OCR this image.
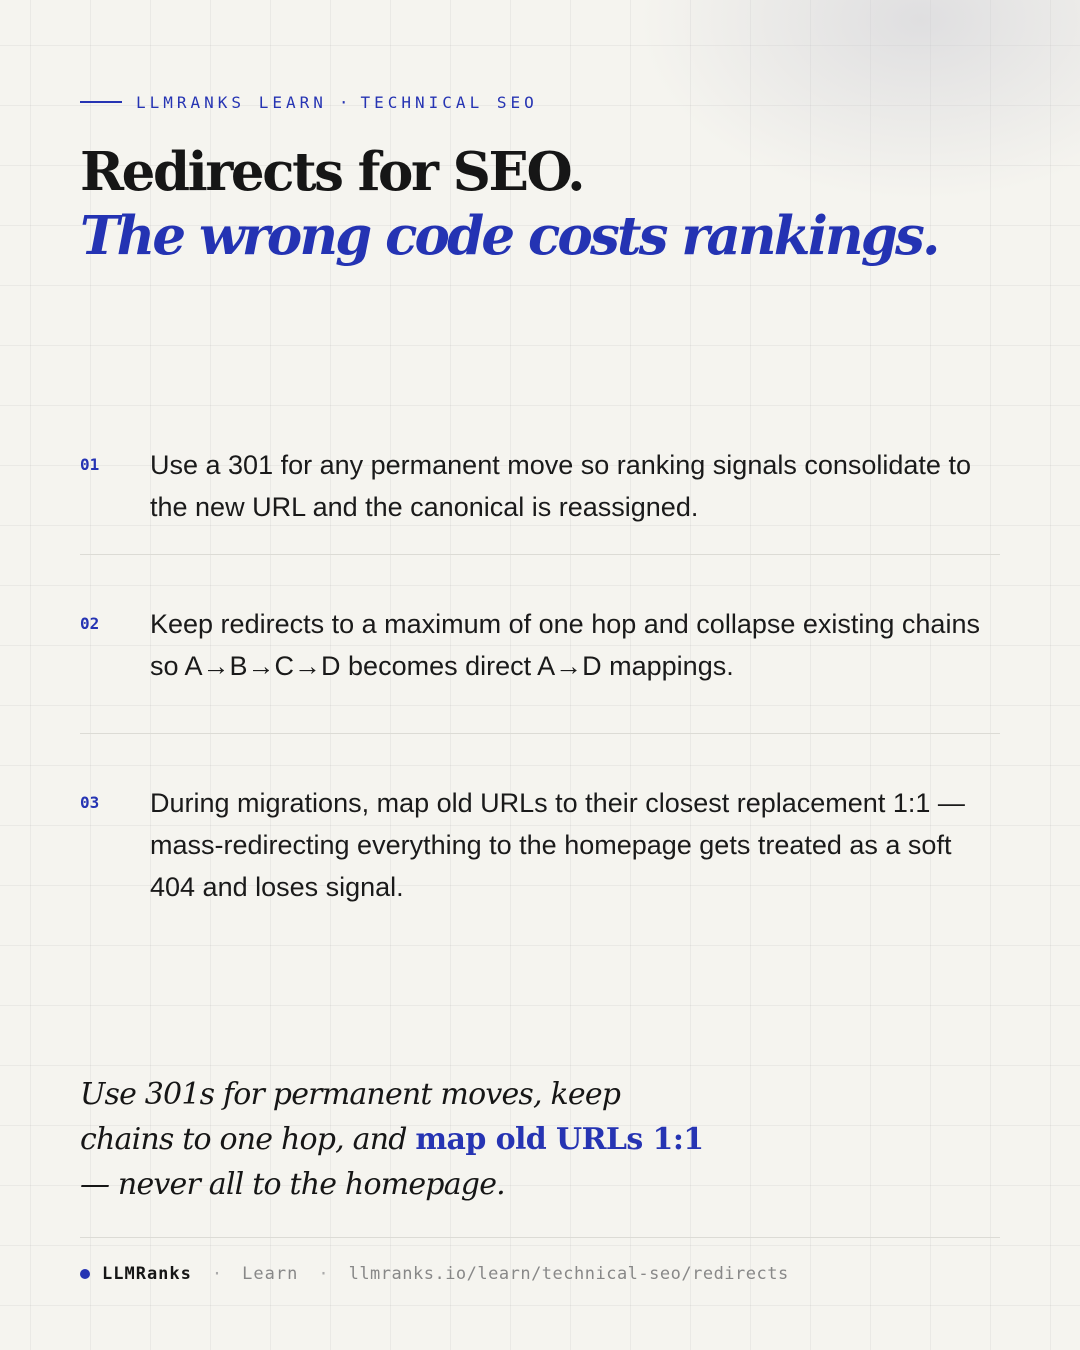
LLMRANKS LEARN · TECHNICAL SEO
Redirects for SEO.
The wrong code costs rankings.
01 Use a 301 for any permanent move so ranking signals consolidate to the new URL and the canonical is reassigned.

02 Keep redirects to a maximum of one hop and collapse existing chains so A→B→C→D becomes direct A→D mappings.

03 During migrations, map old URLs to their closest replacement 1:1 — mass-redirecting everything to the homepage gets treated as a soft 404 and loses signal.

Use 301s for permanent moves, keep chains to one hop, and map old URLs 1:1 — never all to the homepage.

LLMRanks · Learn · llmranks.io/learn/technical-seo/redirects
